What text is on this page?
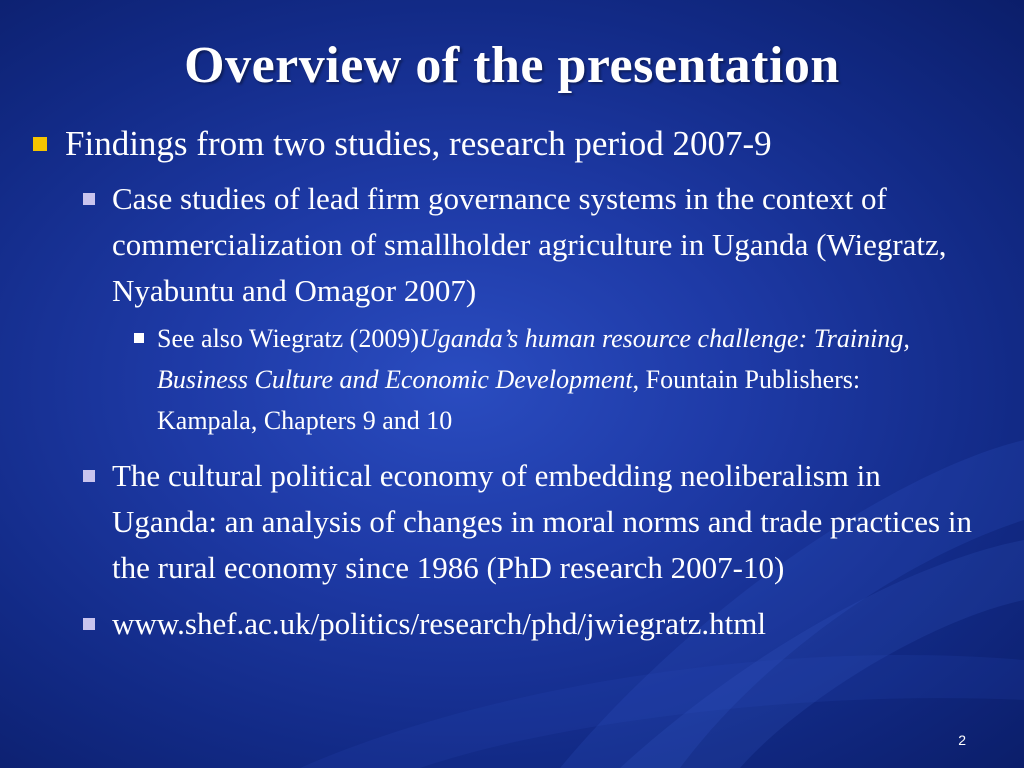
Overview of the presentation
Findings from two studies, research period 2007-9
Case studies of lead firm governance systems in the context of commercialization of smallholder agriculture in Uganda (Wiegratz, Nyabuntu and Omagor 2007)
See also Wiegratz (2009)Uganda’s human resource challenge: Training, Business Culture and Economic Development, Fountain Publishers: Kampala, Chapters 9 and 10
The cultural political economy of embedding neoliberalism in Uganda: an analysis of changes in moral norms and trade practices in the rural economy since 1986 (PhD research 2007-10)
www.shef.ac.uk/politics/research/phd/jwiegratz.html
2
